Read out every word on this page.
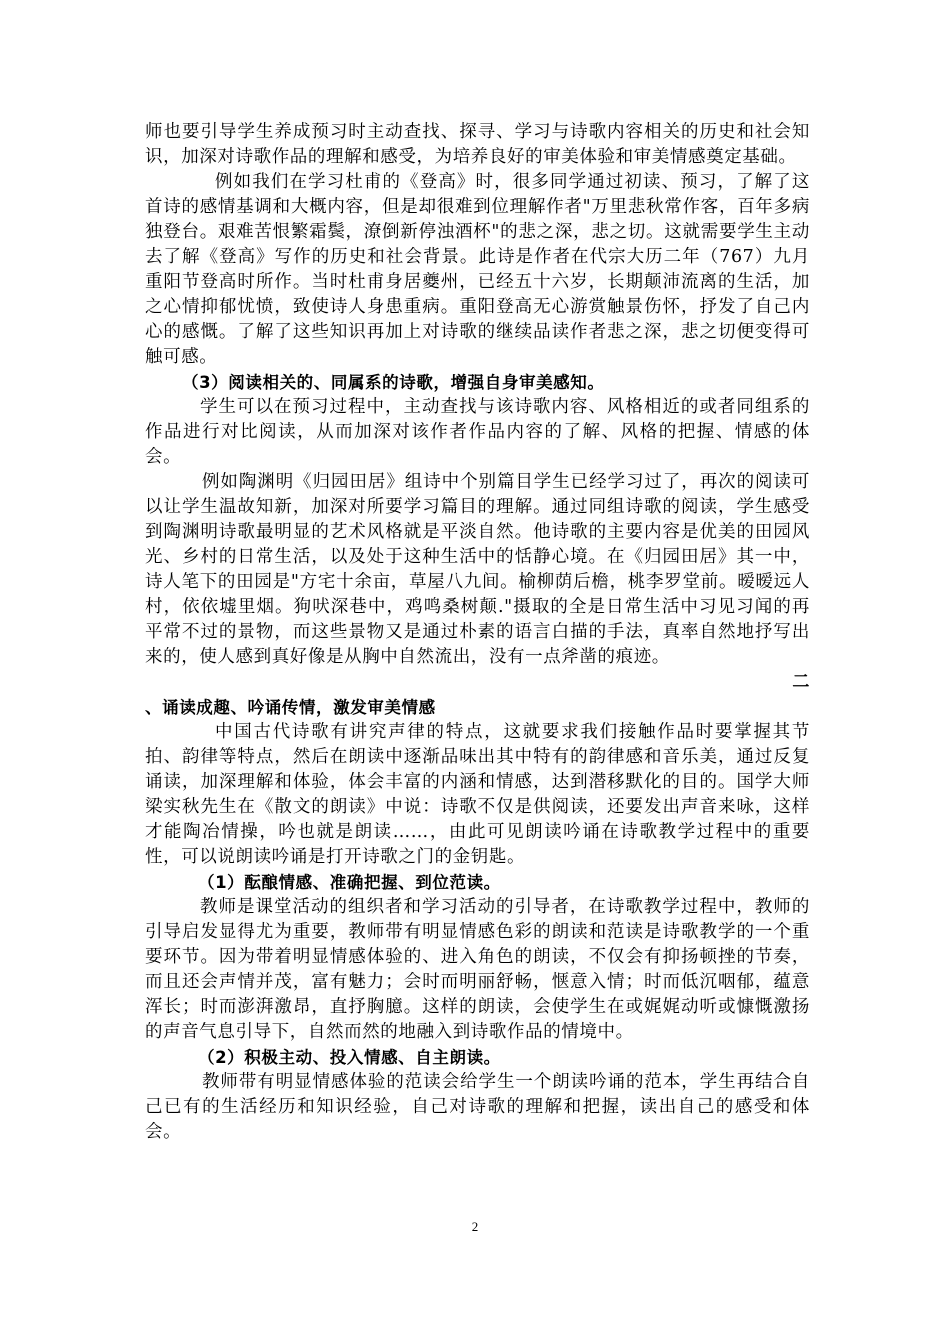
师也要引导学生养成预习时主动查找、探寻、学习与诗歌内容相关的历史和社会知识，加深对诗歌作品的理解和感受，为培养良好的审美体验和审美情感奠定基础。

例如我们在学习杜甫的《登高》时，很多同学通过初读、预习，了解了这首诗的感情基调和大概内容，但是却很难到位理解作者"万里悲秋常作客，百年多病独登台。艰难苦恨繁霜鬓，潦倒新停浊酒杯"的悲之深，悲之切。这就需要学生主动去了解《登高》写作的历史和社会背景。此诗是作者在代宗大历二年（767）九月重阳节登高时所作。当时杜甫身居夔州，已经五十六岁，长期颠沛流离的生活，加之心情抑郁忧愤，致使诗人身患重病。重阳登高无心游赏触景伤怀，抒发了自己内心的感慨。了解了这些知识再加上对诗歌的继续品读作者悲之深，悲之切便变得可触可感。

（3）阅读相关的、同属系的诗歌，增强自身审美感知。

学生可以在预习过程中，主动查找与该诗歌内容、风格相近的或者同组系的作品进行对比阅读，从而加深对该作者作品内容的了解、风格的把握、情感的体会。

例如陶渊明《归园田居》组诗中个别篇目学生已经学习过了，再次的阅读可以让学生温故知新，加深对所要学习篇目的理解。通过同组诗歌的阅读，学生感受到陶渊明诗歌最明显的艺术风格就是平淡自然。他诗歌的主要内容是优美的田园风光、乡村的日常生活，以及处于这种生活中的恬静心境。在《归园田居》其一中，诗人笔下的田园是"方宅十余亩，草屋八九间。榆柳荫后檐，桃李罗堂前。暧暧远人村，依依墟里烟。狗吠深巷中，鸡鸣桑树颠."摄取的全是日常生活中习见习闻的再平常不过的景物，而这些景物又是通过朴素的语言白描的手法，真率自然地抒写出来的，使人感到真好像是从胸中自然流出，没有一点斧凿的痕迹。

二

、诵读成趣、吟诵传情，激发审美情感

中国古代诗歌有讲究声律的特点，这就要求我们接触作品时要掌握其节拍、韵律等特点，然后在朗读中逐渐品味出其中特有的韵律感和音乐美，通过反复诵读，加深理解和体验，体会丰富的内涵和情感，达到潜移默化的目的。国学大师梁实秋先生在《散文的朗读》中说：诗歌不仅是供阅读，还要发出声音来咏，这样才能陶冶情操，吟也就是朗读……，由此可见朗读吟诵在诗歌教学过程中的重要性，可以说朗读吟诵是打开诗歌之门的金钥匙。

（1）酝酿情感、准确把握、到位范读。

教师是课堂活动的组织者和学习活动的引导者，在诗歌教学过程中，教师的引导启发显得尤为重要，教师带有明显情感色彩的朗读和范读是诗歌教学的一个重要环节。因为带着明显情感体验的、进入角色的朗读，不仅会有抑扬顿挫的节奏，而且还会声情并茂，富有魅力；会时而明丽舒畅，惬意入情；时而低沉咽郁，蕴意浑长；时而澎湃激昂，直抒胸臆。这样的朗读，会使学生在或娓娓动听或慷慨激扬的声音气息引导下，自然而然的地融入到诗歌作品的情境中。

（2）积极主动、投入情感、自主朗读。

教师带有明显情感体验的范读会给学生一个朗读吟诵的范本，学生再结合自己已有的生活经历和知识经验，自己对诗歌的理解和把握，读出自己的感受和体会。

2
